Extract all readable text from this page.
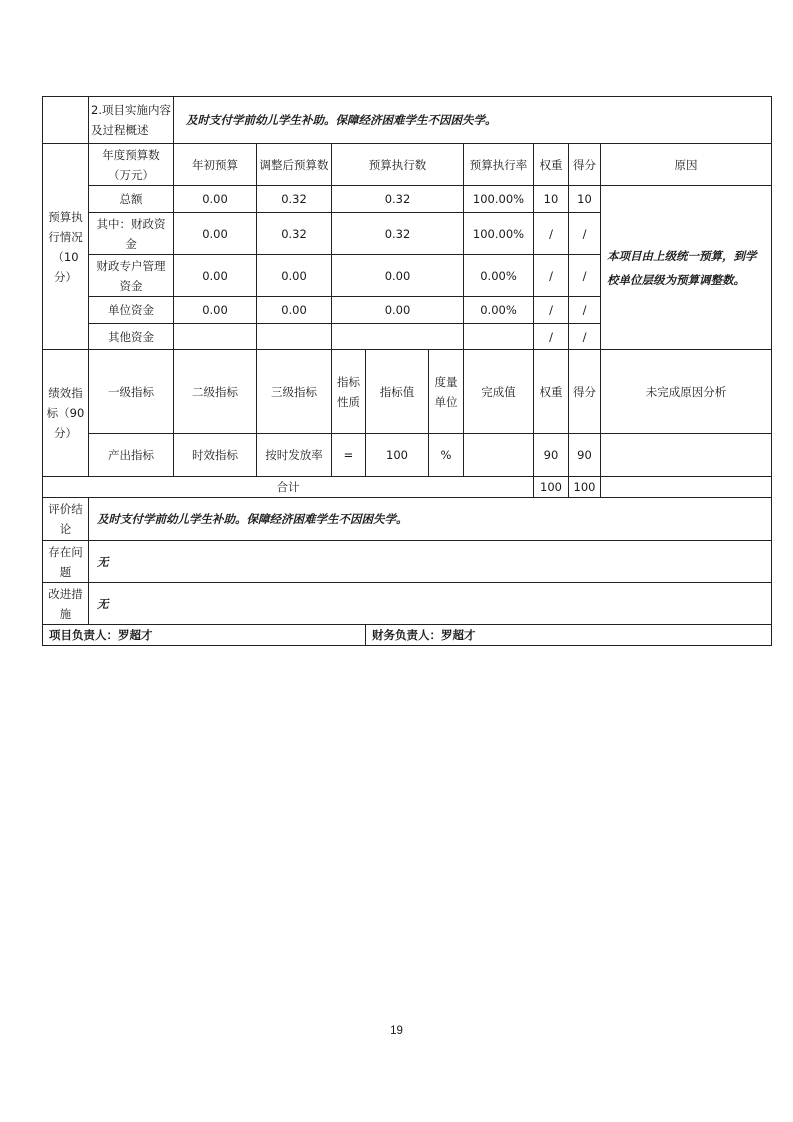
	2.项目实施内容及过程概述	及时支付学前幼儿学生补助。保障经济困难学生不因困失学。								
预算执行情况（10分）	年度预算数（万元）	年初预算	调整后预算数	预算执行数			预算执行率	权重	得分	原因
	总额	0.00	0.32	0.32			100.00%	10	10	本项目由上级统一预算，到学校单位层级为预算调整数。
	其中：财政资金	0.00	0.32	0.32			100.00%	/	/	
	财政专户管理资金	0.00	0.00	0.00			0.00%	/	/	
	单位资金	0.00	0.00	0.00			0.00%	/	/	
	其他资金							/	/	
绩效指标（90分）	一级指标	二级指标	三级指标	指标性质	指标值	度量单位	完成值	权重	得分	未完成原因分析
	产出指标	时效指标	按时发放率	=	100	%		90	90	
合计								100	100	
评价结论	及时支付学前幼儿学生补助。保障经济困难学生不因困失学。									
存在问题	无									
改进措施	无									
项目负责人：罗超才					财务负责人：罗超才					
19
